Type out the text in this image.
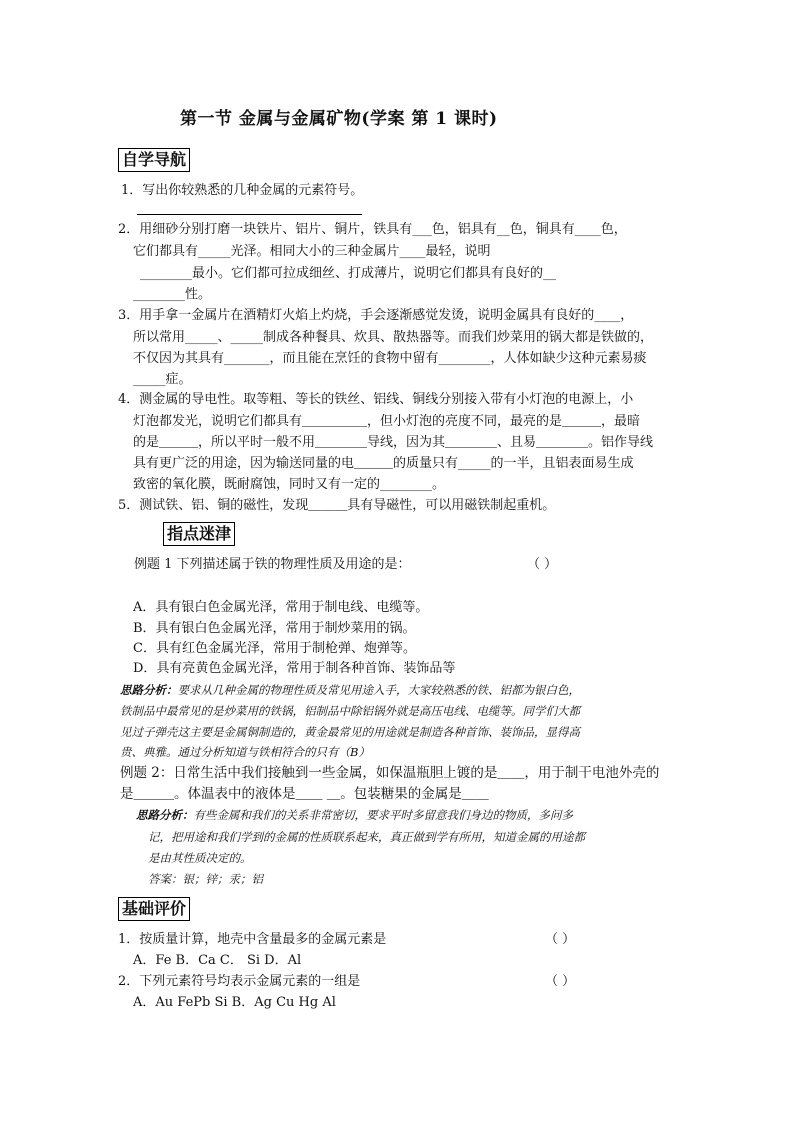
第一节 金属与金属矿物(学案 第 1 课时)
自学导航
1．写出你较熟悉的几种金属的元素符号。
2．用细砂分别打磨一块铁片、铝片、铜片，铁具有___色，铝具有__色，铜具有____色，
它们都具有_____光泽。相同大小的三种金属片____最轻，说明
________最小。它们都可拉成细丝、打成薄片，说明它们都具有良好的__
________性。
3．用手拿一金属片在酒精灯火焰上灼烧，手会逐渐感觉发烫，说明金属具有良好的____，
所以常用_____、_____制成各种餐具、炊具、散热器等。而我们炒菜用的锅大都是铁做的，
不仅因为其具有_______，而且能在烹饪的食物中留有________，人体如缺少这种元素易痰
_____症。
4．测金属的导电性。取等粗、等长的铁丝、铝线、铜线分别接入带有小灯泡的电源上，小
灯泡都发光，说明它们都具有＿＿＿＿＿，但小灯泡的亮度不同，最亮的是＿＿＿，最暗
的是＿＿＿，所以平时一般不用＿＿＿＿导线，因为其＿＿＿＿、且易＿＿＿＿。铝作导线
具有更广泛的用途，因为输送同量的电＿＿＿的质量只有_____的一半，且铝表面易生成
致密的氧化膜，既耐腐蚀，同时又有一定的________。
5．测试铁、铝、铜的磁性，发现＿＿＿具有导磁性，可以用磁铁制起重机。
指点迷津
例题 1 下列描述属于铁的物理性质及用途的是：	（ ）
A．具有银白色金属光泽，常用于制电线、电缆等。
B．具有银白色金属光泽，常用于制炒菜用的锅。
C．具有红色金属光泽，常用于制枪弹、炮弹等。
D．具有亮黄色金属光泽，常用于制各种首饰、装饰品等
思路分析：要求从几种金属的物理性质及常见用途入手，大家较熟悉的铁、铝都为银白色，
铁制品中最常见的是炒菜用的铁锅，铝制品中除铝锅外就是高压电线、电缆等。同学们大都
见过子弹壳这主要是金属铜制造的，黄金最常见的用途就是制造各种首饰、装饰品，显得高
贵、典雅。通过分析知道与铁相符合的只有（B）
例题 2：日常生活中我们接触到一些金属，如保温瓶胆上镀的是＿＿，用于制干电池外壳的
是＿＿＿。体温表中的液体是＿＿ ＿。包装糖果的金属是＿＿
思路分析：有些金属和我们的关系非常密切，要求平时多留意我们身边的物质，多问多
记，把用途和我们学到的金属的性质联系起来，真正做到学有所用，知道金属的用途都
是由其性质决定的。
答案：银；锌；汞；铝
基础评价
1．按质量计算，地壳中含量最多的金属元素是	（ ）
A．Fe B．Ca C． Si D．Al
2．下列元素符号均表示金属元素的一组是	（ ）
A．Au FePb Si B．Ag Cu Hg Al
